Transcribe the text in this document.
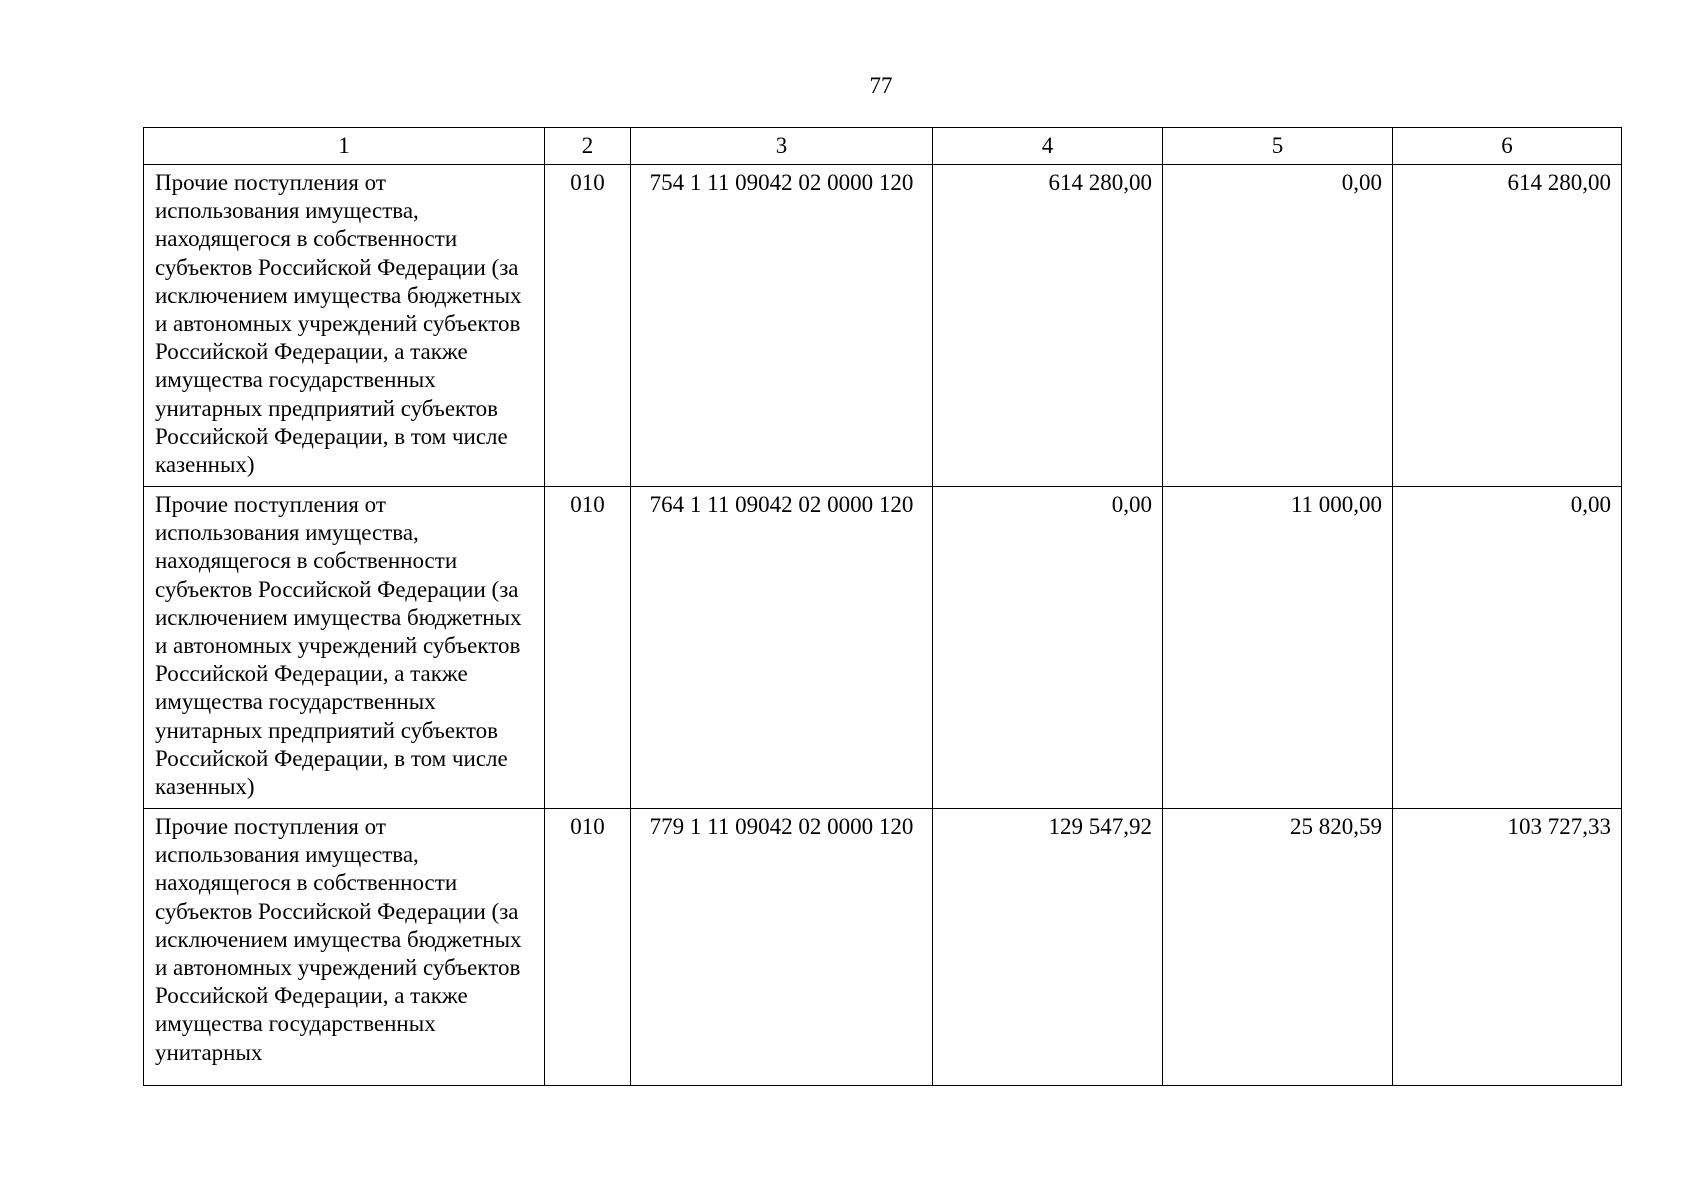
77
1	2	3	4	5	6
Прочие поступления от использования имущества, находящегося в собственности субъектов Российской Федерации (за исключением имущества бюджетных и автономных учреждений субъектов Российской Федерации, а также имущества государственных унитарных предприятий субъектов Российской Федерации, в том числе казенных)	010	754 1 11 09042 02 0000 120	614 280,00	0,00	614 280,00
Прочие поступления от использования имущества, находящегося в собственности субъектов Российской Федерации (за исключением имущества бюджетных и автономных учреждений субъектов Российской Федерации, а также имущества государственных унитарных предприятий субъектов Российской Федерации, в том числе казенных)	010	764 1 11 09042 02 0000 120	0,00	11 000,00	0,00
Прочие поступления от использования имущества, находящегося в собственности субъектов Российской Федерации (за исключением имущества бюджетных и автономных учреждений субъектов Российской Федерации, а также имущества государственных унитарных	010	779 1 11 09042 02 0000 120	129 547,92	25 820,59	103 727,33
